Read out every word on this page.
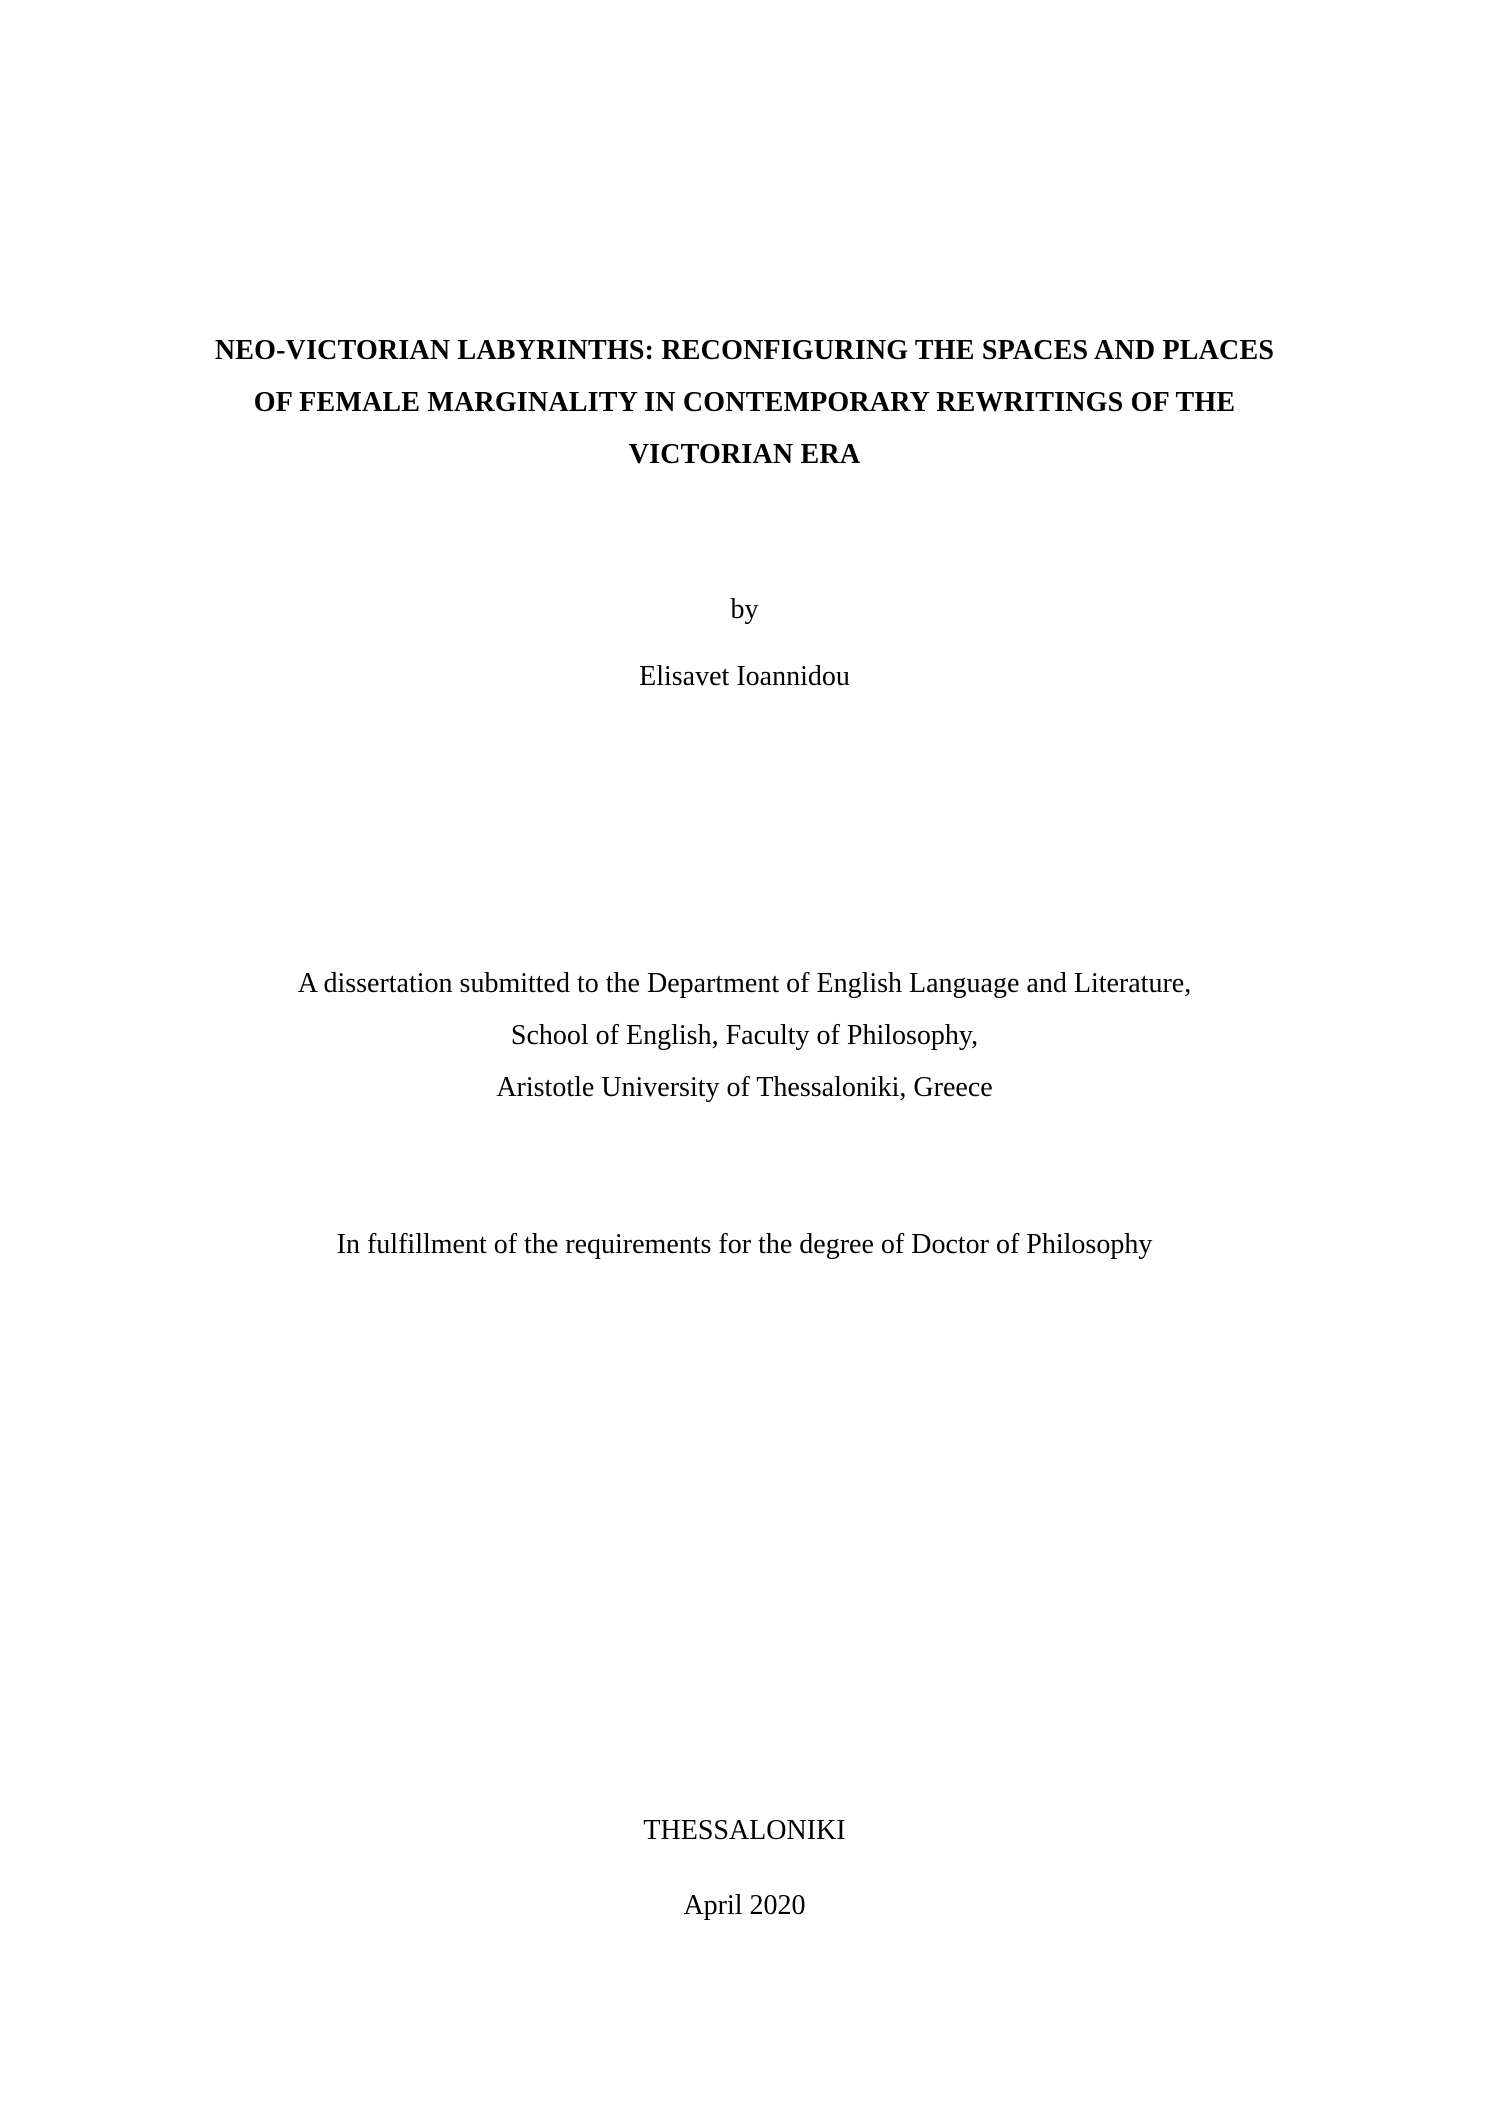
NEO-VICTORIAN LABYRINTHS: RECONFIGURING THE SPACES AND PLACES
OF FEMALE MARGINALITY IN CONTEMPORARY REWRITINGS OF THE
VICTORIAN ERA
by
Elisavet Ioannidou
A dissertation submitted to the Department of English Language and Literature,
School of English, Faculty of Philosophy,
Aristotle University of Thessaloniki, Greece
In fulfillment of the requirements for the degree of Doctor of Philosophy
THESSALONIKI
April 2020
